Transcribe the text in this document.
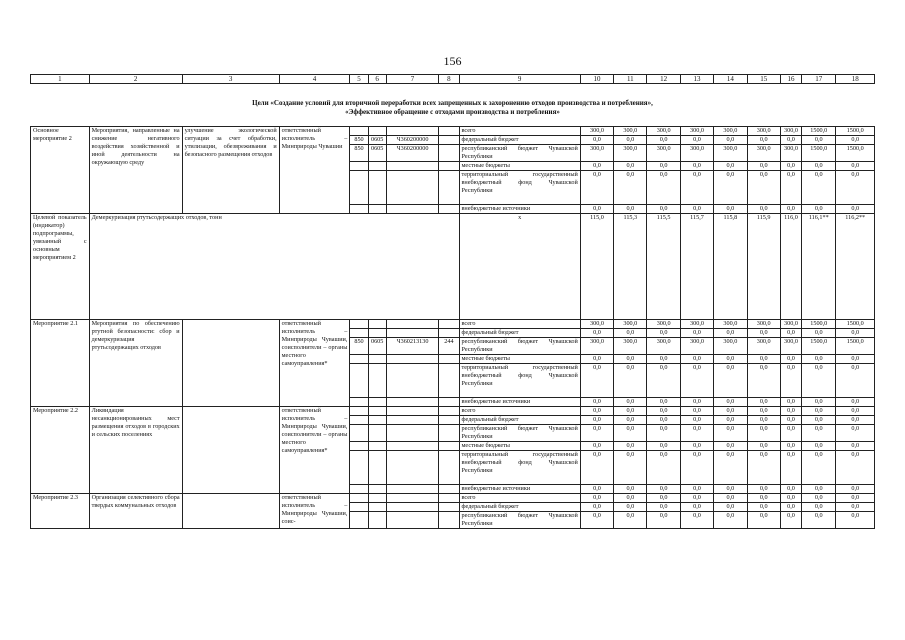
156
1	2	3	4	5	6	7	8	9	10	11	12	13	14	15	16	17	18
Цели «Создание условий для вторичной переработки всех запрещенных к захоронению отходов производства и потребления»,
«Эффективное обращение с отходами производства и потребления»
Основное мероприятие 2	Мероприятия, направленные на снижение негативного воздействия хозяйственной и иной деятельности на окружающую среду	улучшение экологической ситуации за счет обработки, утилизации, обезвреживания и безопасного размещения отходов	ответственный исполнитель – Минприроды Чувашии					всего	300,0	300,0	300,0	300,0	300,0	300,0	300,0	1500,0	1500,0
				850	0605	Ч360200000		федеральный бюджет	0,0	0,0	0,0	0,0	0,0	0,0	0,0	0,0	0,0
				850	0605	Ч360200000		республиканский бюджет Чувашской Республики	300,0	300,0	300,0	300,0	300,0	300,0	300,0	1500,0	1500,0
								местные бюджеты	0,0	0,0	0,0	0,0	0,0	0,0	0,0	0,0	0,0
								территориальный государственный внебюджетный фонд Чувашской Республики	0,0	0,0	0,0	0,0	0,0	0,0	0,0	0,0	0,0
								внебюджетные источники	0,0	0,0	0,0	0,0	0,0	0,0	0,0	0,0	0,0
Целевой показатель (индикатор) подпрограммы, увязанный с основным мероприятием 2	Демеркуризация ртутьсодержащих отходов, тонн							х	115,0	115,3	115,5	115,7	115,8	115,9	116,0	116,1**	116,2**
Мероприятие 2.1	Мероприятия по обеспечению ртутной безопасности: сбор и демеркуризация ртутьсодержащих отходов		ответственный исполнитель – Минприроды Чувашии, соисполнители – органы местного самоуправления*					всего	300,0	300,0	300,0	300,0	300,0	300,0	300,0	1500,0	1500,0
								федеральный бюджет	0,0	0,0	0,0	0,0	0,0	0,0	0,0	0,0	0,0
				850	0605	Ч360213130	244	республиканский бюджет Чувашской Республики	300,0	300,0	300,0	300,0	300,0	300,0	300,0	1500,0	1500,0
								местные бюджеты	0,0	0,0	0,0	0,0	0,0	0,0	0,0	0,0	0,0
								территориальный государственный внебюджетный фонд Чувашской Республики	0,0	0,0	0,0	0,0	0,0	0,0	0,0	0,0	0,0
								внебюджетные источники	0,0	0,0	0,0	0,0	0,0	0,0	0,0	0,0	0,0
Мероприятие 2.2	Ликвидация несанкционированных мест размещения отходов в городских и сельских поселениях		ответственный исполнитель – Минприроды Чувашии, соисполнители – органы местного самоуправления*					всего	0,0	0,0	0,0	0,0	0,0	0,0	0,0	0,0	0,0
								федеральный бюджет	0,0	0,0	0,0	0,0	0,0	0,0	0,0	0,0	0,0
								республиканский бюджет Чувашской Республики	0,0	0,0	0,0	0,0	0,0	0,0	0,0	0,0	0,0
								местные бюджеты	0,0	0,0	0,0	0,0	0,0	0,0	0,0	0,0	0,0
								территориальный государственный внебюджетный фонд Чувашской Республики	0,0	0,0	0,0	0,0	0,0	0,0	0,0	0,0	0,0
								внебюджетные источники	0,0	0,0	0,0	0,0	0,0	0,0	0,0	0,0	0,0
Мероприятие 2.3	Организация селективного сбора твердых коммунальных отходов		ответственный исполнитель – Минприроды Чувашии, соис-					всего	0,0	0,0	0,0	0,0	0,0	0,0	0,0	0,0	0,0
								федеральный бюджет	0,0	0,0	0,0	0,0	0,0	0,0	0,0	0,0	0,0
								республиканский бюджет Чувашской Республики	0,0	0,0	0,0	0,0	0,0	0,0	0,0	0,0	0,0
